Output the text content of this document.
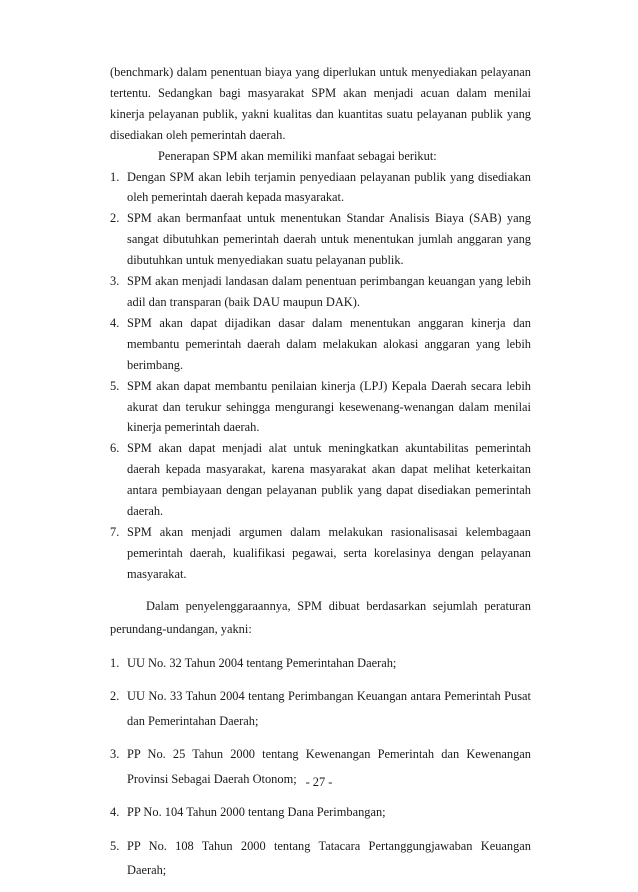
(benchmark) dalam penentuan biaya yang diperlukan untuk menyediakan pelayanan tertentu. Sedangkan bagi masyarakat SPM akan menjadi acuan dalam menilai kinerja pelayanan publik, yakni kualitas dan kuantitas suatu pelayanan publik yang disediakan oleh pemerintah daerah.

Penerapan SPM akan memiliki manfaat sebagai berikut:

1. Dengan SPM akan lebih terjamin penyediaan pelayanan publik yang disediakan oleh pemerintah daerah kepada masyarakat.
2. SPM akan bermanfaat untuk menentukan Standar Analisis Biaya (SAB) yang sangat dibutuhkan pemerintah daerah untuk menentukan jumlah anggaran yang dibutuhkan untuk menyediakan suatu pelayanan publik.
3. SPM akan menjadi landasan dalam penentuan perimbangan keuangan yang lebih adil dan transparan (baik DAU maupun DAK).
4. SPM akan dapat dijadikan dasar dalam menentukan anggaran kinerja dan membantu pemerintah daerah dalam melakukan alokasi anggaran yang lebih berimbang.
5. SPM akan dapat membantu penilaian kinerja (LPJ) Kepala Daerah secara lebih akurat dan terukur sehingga mengurangi kesewenang-wenangan dalam menilai kinerja pemerintah daerah.
6. SPM akan dapat menjadi alat untuk meningkatkan akuntabilitas pemerintah daerah kepada masyarakat, karena masyarakat akan dapat melihat keterkaitan antara pembiayaan dengan pelayanan publik yang dapat disediakan pemerintah daerah.
7. SPM akan menjadi argumen dalam melakukan rasionalisasai kelembagaan pemerintah daerah, kualifikasi pegawai, serta korelasinya dengan pelayanan masyarakat.

Dalam penyelenggaraannya, SPM dibuat berdasarkan sejumlah peraturan perundang-undangan, yakni:

1. UU No. 32 Tahun 2004 tentang Pemerintahan Daerah;
2. UU No. 33 Tahun 2004 tentang Perimbangan Keuangan antara Pemerintah Pusat dan Pemerintahan Daerah;
3. PP No. 25 Tahun 2000 tentang Kewenangan Pemerintah dan Kewenangan Provinsi Sebagai Daerah Otonom;
4. PP No. 104 Tahun 2000 tentang Dana Perimbangan;
5. PP No. 108 Tahun 2000 tentang Tatacara Pertanggungjawaban Keuangan Daerah;
- 27 -
